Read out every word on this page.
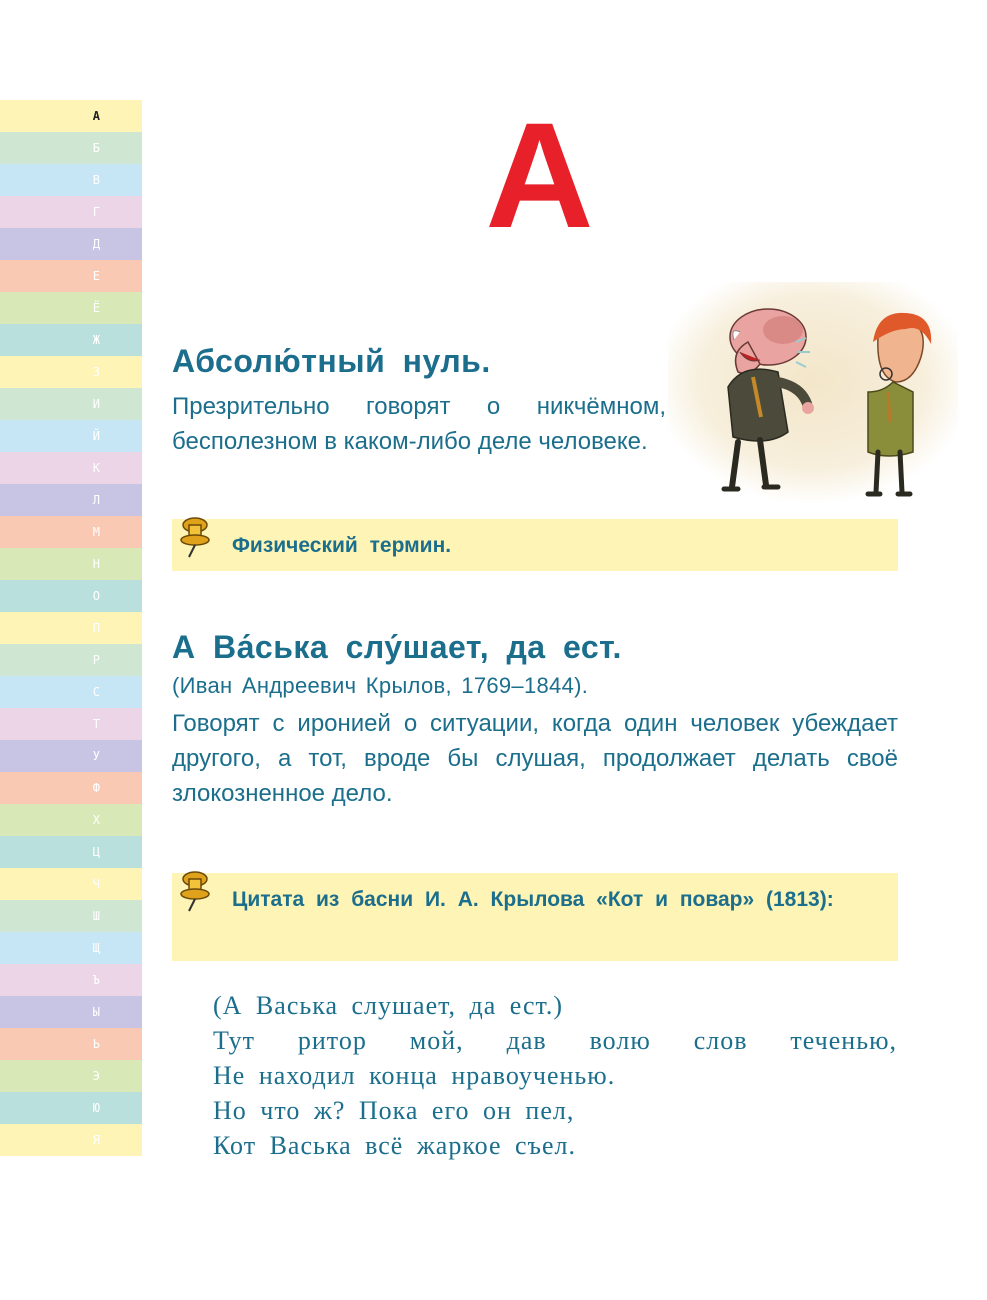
А
Б
В
Г
Д
Е
Ё
Ж
З
И
Й
К
Л
М
Н
О
П
Р
С
Т
У
Ф
Х
Ц
Ч
Ш
Щ
Ъ
Ы
Ь
Э
Ю
Я
А
Абсолю́тный нуль.

Презрительно говорят о никчёмном, бесполезном в каком-либо деле человеке.

Физический термин.

А Ва́ська слу́шает, да ест.

(Иван Андреевич Крылов, 1769–1844).

Говорят с иронией о ситуации, когда один человек убеждает другого, а тот, вроде бы слушая, продолжает делать своё злокозненное дело.

Цитата из басни И. А. Крылова «Кот и повар» (1813):

(А Васька слушает, да ест.)
Тут ритор мой, дав волю слов теченью,
Не находил конца нравоученью.
Но что ж? Пока его он пел,
Кот Васька всё жаркое съел.
